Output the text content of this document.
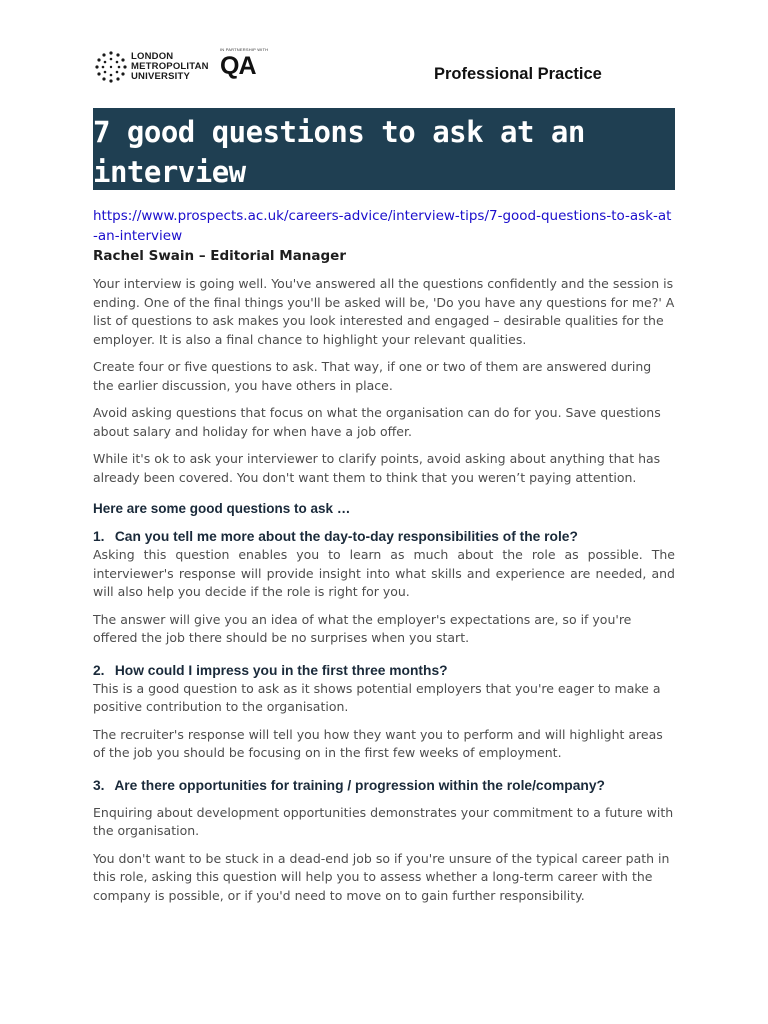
LONDON
METROPOLITAN
UNIVERSITY
IN PARTNERSHIP WITH
QA	Professional Practice
7 good questions to ask at an interview
https://www.prospects.ac.uk/careers-advice/interview-tips/7-good-questions-to-ask-at-an-interview
Rachel Swain – Editorial Manager

Your interview is going well. You've answered all the questions confidently and the session is ending. One of the final things you'll be asked will be, 'Do you have any questions for me?' A list of questions to ask makes you look interested and engaged – desirable qualities for the employer. It is also a final chance to highlight your relevant qualities.

Create four or five questions to ask. That way, if one or two of them are answered during the earlier discussion, you have others in place.

Avoid asking questions that focus on what the organisation can do for you. Save questions about salary and holiday for when have a job offer.

While it's ok to ask your interviewer to clarify points, avoid asking about anything that has already been covered. You don't want them to think that you weren’t paying attention.

Here are some good questions to ask …
1. Can you tell me more about the day-to-day responsibilities of the role?

Asking this question enables you to learn as much about the role as possible. The interviewer's response will provide insight into what skills and experience are needed, and will also help you decide if the role is right for you.

The answer will give you an idea of what the employer's expectations are, so if you're offered the job there should be no surprises when you start.

2. How could I impress you in the first three months?

This is a good question to ask as it shows potential employers that you're eager to make a positive contribution to the organisation.

The recruiter's response will tell you how they want you to perform and will highlight areas of the job you should be focusing on in the first few weeks of employment.

3. Are there opportunities for training / progression within the role/company?

Enquiring about development opportunities demonstrates your commitment to a future with the organisation.

You don't want to be stuck in a dead-end job so if you're unsure of the typical career path in this role, asking this question will help you to assess whether a long-term career with the company is possible, or if you'd need to move on to gain further responsibility.
